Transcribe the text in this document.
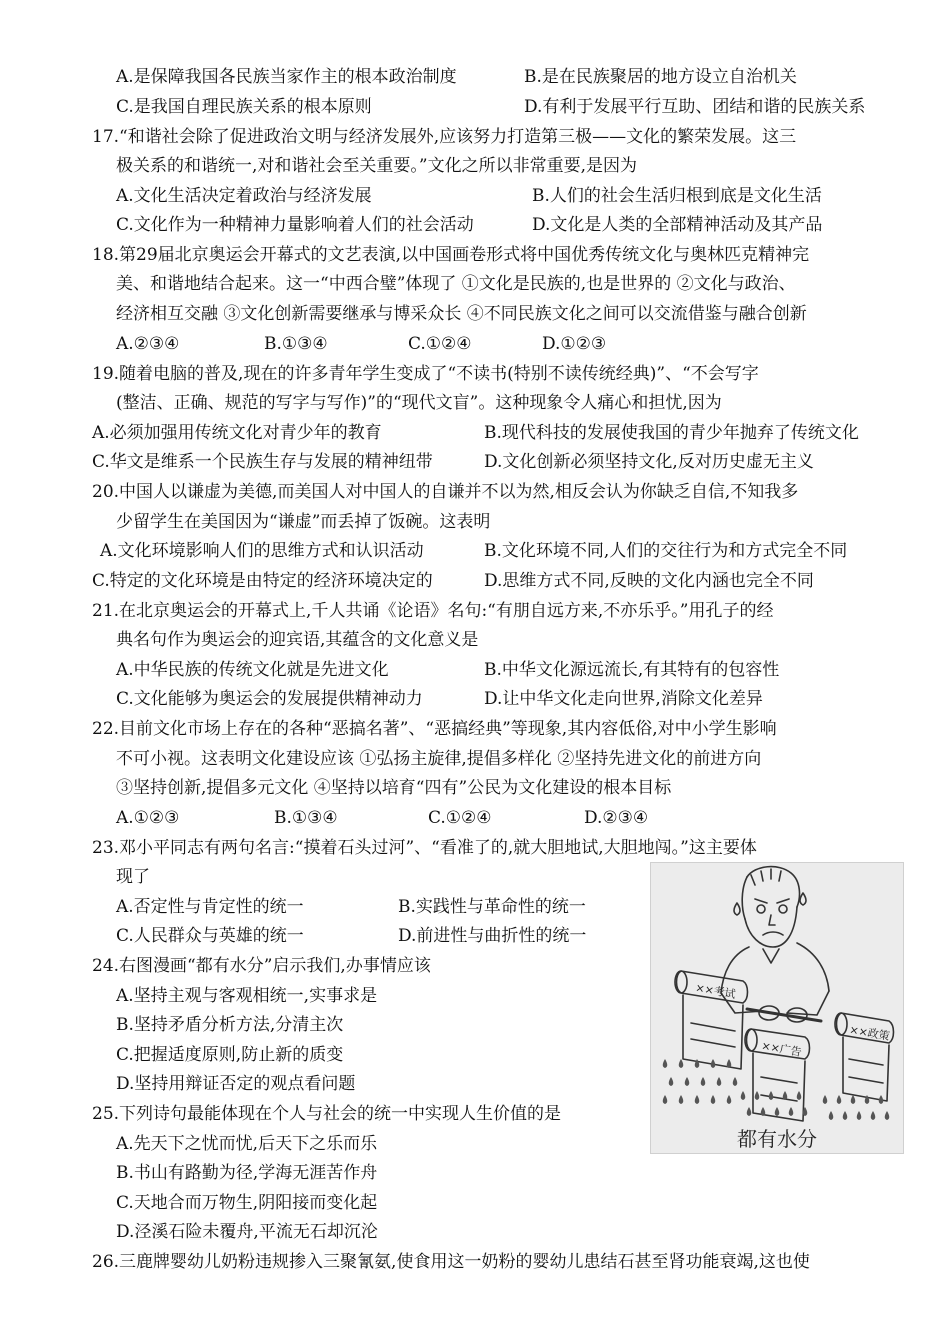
A.是保障我国各民族当家作主的根本政治制度	B.是在民族聚居的地方设立自治机关
C.是我国自理民族关系的根本原则	D.有利于发展平行互助、团结和谐的民族关系
17.“和谐社会除了促进政治文明与经济发展外,应该努力打造第三极——文化的繁荣发展。这三
极关系的和谐统一,对和谐社会至关重要。”文化之所以非常重要,是因为
A.文化生活决定着政治与经济发展	B.人们的社会生活归根到底是文化生活
C.文化作为一种精神力量影响着人们的社会活动	D.文化是人类的全部精神活动及其产品
18.第29届北京奥运会开幕式的文艺表演,以中国画卷形式将中国优秀传统文化与奥林匹克精神完
美、和谐地结合起来。这一“中西合璧”体现了 ①文化是民族的,也是世界的 ②文化与政治、
经济相互交融 ③文化创新需要继承与博采众长 ④不同民族文化之间可以交流借鉴与融合创新
A.②③④	B.①③④	C.①②④	D.①②③
19.随着电脑的普及,现在的许多青年学生变成了“不读书(特别不读传统经典)”、“不会写字
(整洁、正确、规范的写字与写作)”的“现代文盲”。这种现象令人痛心和担忧,因为
A.必须加强用传统文化对青少年的教育	B.现代科技的发展使我国的青少年抛弃了传统文化
C.华文是维系一个民族生存与发展的精神纽带	D.文化创新必须坚持文化,反对历史虚无主义
20.中国人以谦虚为美德,而美国人对中国人的自谦并不以为然,相反会认为你缺乏自信,不知我多
少留学生在美国因为“谦虚”而丢掉了饭碗。这表明
A.文化环境影响人们的思维方式和认识活动	B.文化环境不同,人们的交往行为和方式完全不同
C.特定的文化环境是由特定的经济环境决定的	D.思维方式不同,反映的文化内涵也完全不同
21.在北京奥运会的开幕式上,千人共诵《论语》名句:“有朋自远方来,不亦乐乎。”用孔子的经
典名句作为奥运会的迎宾语,其蕴含的文化意义是
A.中华民族的传统文化就是先进文化	B.中华文化源远流长,有其特有的包容性
C.文化能够为奥运会的发展提供精神动力	D.让中华文化走向世界,消除文化差异
22.目前文化市场上存在的各种“恶搞名著”、“恶搞经典”等现象,其内容低俗,对中小学生影响
不可小视。这表明文化建设应该 ①弘扬主旋律,提倡多样化 ②坚持先进文化的前进方向
③坚持创新,提倡多元文化 ④坚持以培育“四有”公民为文化建设的根本目标
A.①②③	B.①③④	C.①②④	D.②③④
23.邓小平同志有两句名言:“摸着石头过河”、“看准了的,就大胆地试,大胆地闯。”这主要体
现了
A.否定性与肯定性的统一	B.实践性与革命性的统一
C.人民群众与英雄的统一	D.前进性与曲折性的统一
24.右图漫画“都有水分”启示我们,办事情应该
A.坚持主观与客观相统一,实事求是
B.坚持矛盾分析方法,分清主次
C.把握适度原则,防止新的质变
D.坚持用辩证否定的观点看问题
25.下列诗句最能体现在个人与社会的统一中实现人生价值的是
A.先天下之忧而忧,后天下之乐而乐
B.书山有路勤为径,学海无涯苦作舟
C.天地合而万物生,阴阳接而变化起
D.泾溪石险未覆舟,平流无石却沉沦
26.三鹿牌婴幼儿奶粉违规掺入三聚氰氨,使食用这一奶粉的婴幼儿患结石甚至肾功能衰竭,这也使
××考试
××广告
××政策
都有水分
